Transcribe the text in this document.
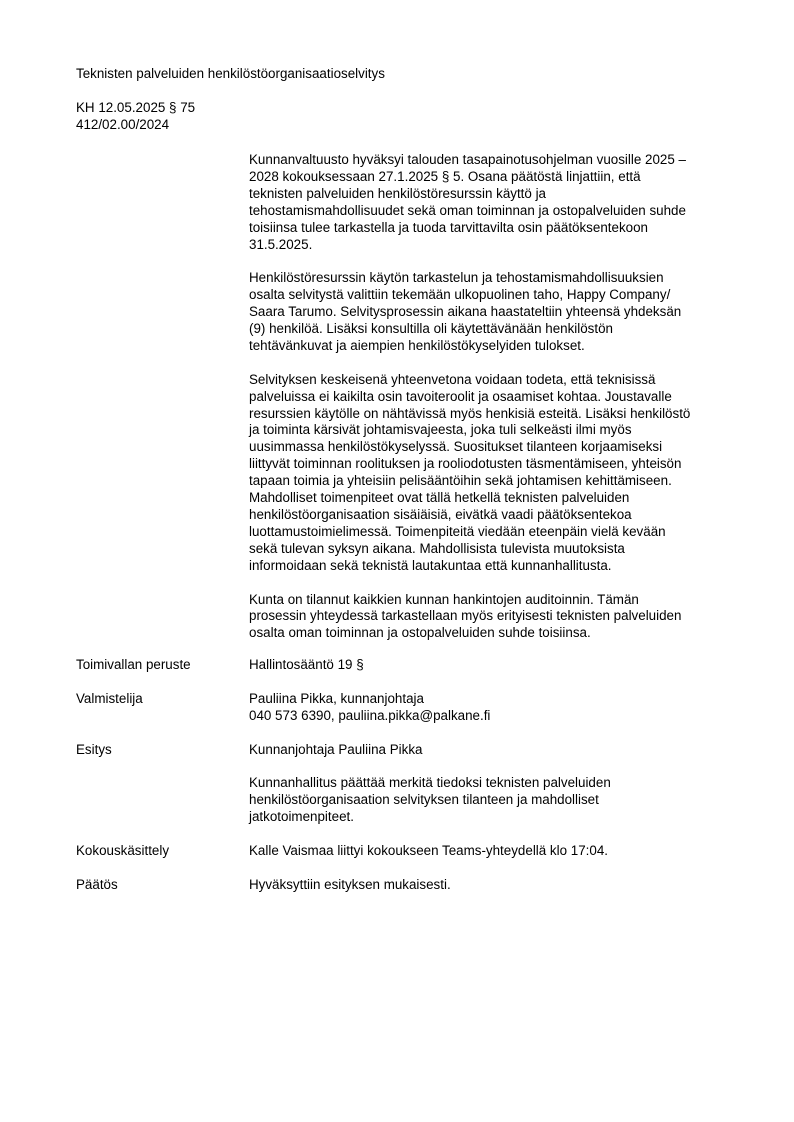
Teknisten palveluiden henkilöstöorganisaatioselvitys
KH 12.05.2025 § 75
412/02.00/2024

Kunnanvaltuusto hyväksyi talouden tasapainotusohjelman vuosille 2025 –
2028 kokouksessaan 27.1.2025 § 5. Osana päätöstä linjattiin, että
teknisten palveluiden henkilöstöresurssin käyttö ja
tehostamismahdollisuudet sekä oman toiminnan ja ostopalveluiden suhde
toisiinsa tulee tarkastella ja tuoda tarvittavilta osin päätöksentekoon
31.5.2025.

Henkilöstöresurssin käytön tarkastelun ja tehostamismahdollisuuksien
osalta selvitystä valittiin tekemään ulkopuolinen taho, Happy Company/
Saara Tarumo. Selvitysprosessin aikana haastateltiin yhteensä yhdeksän
(9) henkilöä. Lisäksi konsultilla oli käytettävänään henkilöstön
tehtävänkuvat ja aiempien henkilöstökyselyiden tulokset.

Selvityksen keskeisenä yhteenvetona voidaan todeta, että teknisissä
palveluissa ei kaikilta osin tavoiteroolit ja osaamiset kohtaa. Joustavalle
resurssien käytölle on nähtävissä myös henkisiä esteitä. Lisäksi henkilöstö
ja toiminta kärsivät johtamisvajeesta, joka tuli selkeästi ilmi myös
uusimmassa henkilöstökyselyssä. Suositukset tilanteen korjaamiseksi
liittyvät toiminnan roolituksen ja rooliodotusten täsmentämiseen, yhteisön
tapaan toimia ja yhteisiin pelisääntöihin sekä johtamisen kehittämiseen.
Mahdolliset toimenpiteet ovat tällä hetkellä teknisten palveluiden
henkilöstöorganisaation sisäiäisiä, eivätkä vaadi päätöksentekoa
luottamustoimielimessä. Toimenpiteitä viedään eteenpäin vielä kevään
sekä tulevan syksyn aikana. Mahdollisista tulevista muutoksista
informoidaan sekä teknistä lautakuntaa että kunnanhallitusta.

Kunta on tilannut kaikkien kunnan hankintojen auditoinnin. Tämän
prosessin yhteydessä tarkastellaan myös erityisesti teknisten palveluiden
osalta oman toiminnan ja ostopalveluiden suhde toisiinsa.

Toimivallan peruste	Hallintosääntö 19 §

Valmistelija	Pauliina Pikka, kunnanjohtaja

040 573 6390, pauliina.pikka@palkane.fi

Esitys	Kunnanjohtaja Pauliina Pikka

Kunnanhallitus päättää merkitä tiedoksi teknisten palveluiden

henkilöstöorganisaation selvityksen tilanteen ja mahdolliset

jatkotoimenpiteet.

Kokouskäsittely	Kalle Vaismaa liittyi kokoukseen Teams-yhteydellä klo 17:04.

Päätös	Hyväksyttiin esityksen mukaisesti.
